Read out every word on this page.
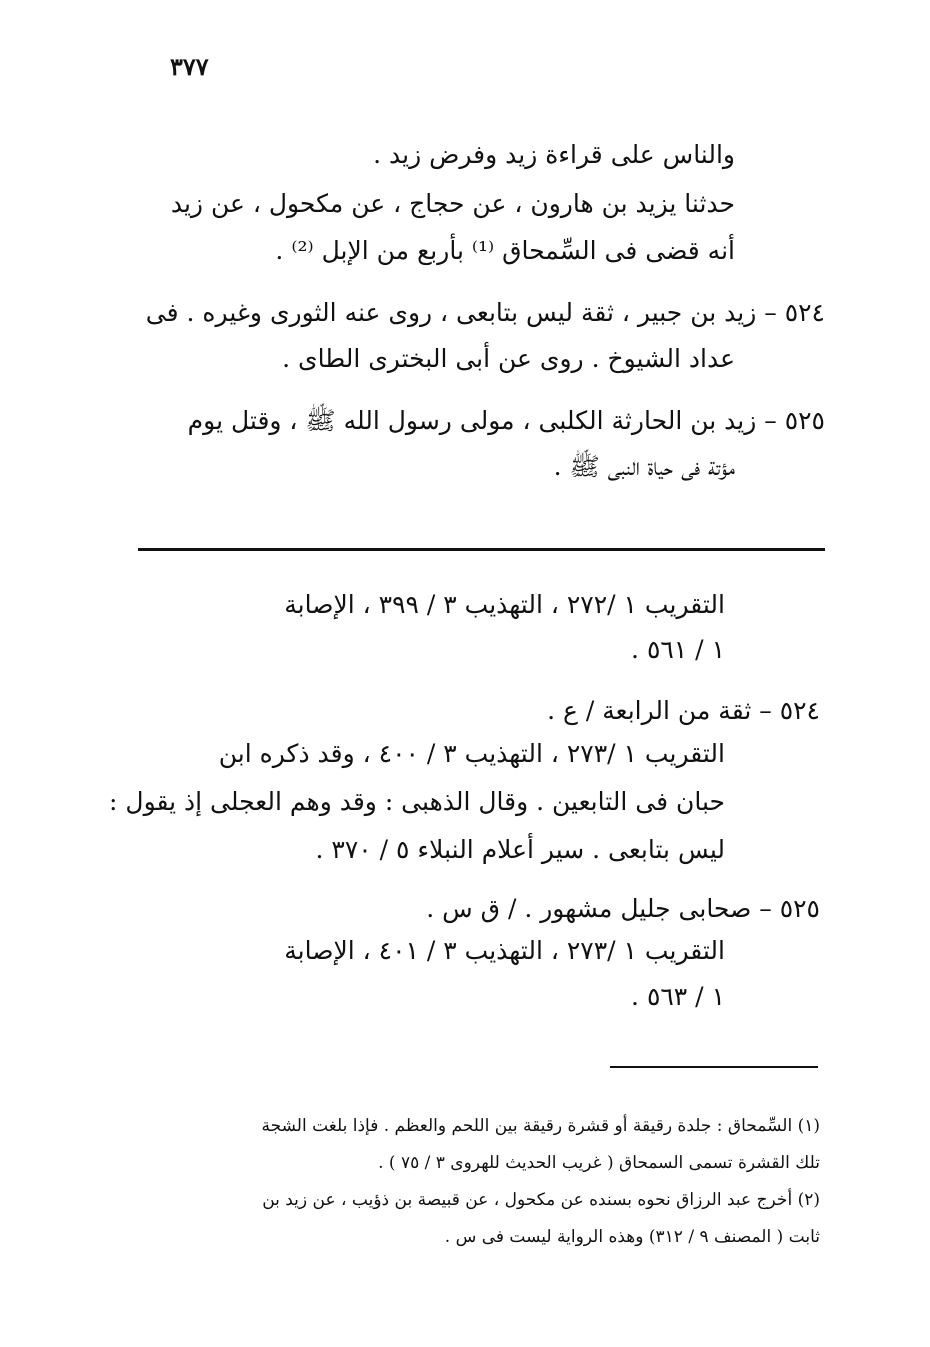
٣٧٧
والناس على قراءة زيد وفرض زيد .
حدثنا يزيد بن هارون ، عن حجاج ، عن مكحول ، عن زيد
أنه قضى فى السِّمحاق ⁽¹⁾ بأربع من الإبل ⁽²⁾ .
٥٢٤ – زيد بن جبير ، ثقة ليس بتابعى ، روى عنه الثورى وغيره . فى
عداد الشيوخ . روى عن أبى البخترى الطاى .
٥٢٥ – زيد بن الحارثة الكلبى ، مولى رسول الله ﷺ ، وقتل يوم
مؤتة فى حياة النبى ﷺ .
التقريب ١ /٢٧٢ ، التهذيب ٣ / ٣٩٩ ، الإصابة
١ / ٥٦١ .
٥٢٤ – ثقة من الرابعة / ع .
التقريب ١ /٢٧٣ ، التهذيب ٣ / ٤٠٠ ، وقد ذكره ابن
حبان فى التابعين . وقال الذهبى : وقد وهم العجلى إذ يقول :
ليس بتابعى . سير أعلام النبلاء ٥ / ٣٧٠ .
٥٢٥ – صحابى جليل مشهور . / ق س .
التقريب ١ /٢٧٣ ، التهذيب ٣ / ٤٠١ ، الإصابة
١ / ٥٦٣ .
(١) السِّمحاق : جلدة رقيقة أو قشرة رقيقة بين اللحم والعظم . فإذا بلغت الشجة
تلك القشرة تسمى السمحاق ( غريب الحديث للهروى ٣ / ٧٥ ) .
(٢) أخرج عبد الرزاق نحوه بسنده عن مكحول ، عن قبيصة بن ذؤيب ، عن زيد بن
ثابت ( المصنف ٩ / ٣١٢) وهذه الرواية ليست فى س .
